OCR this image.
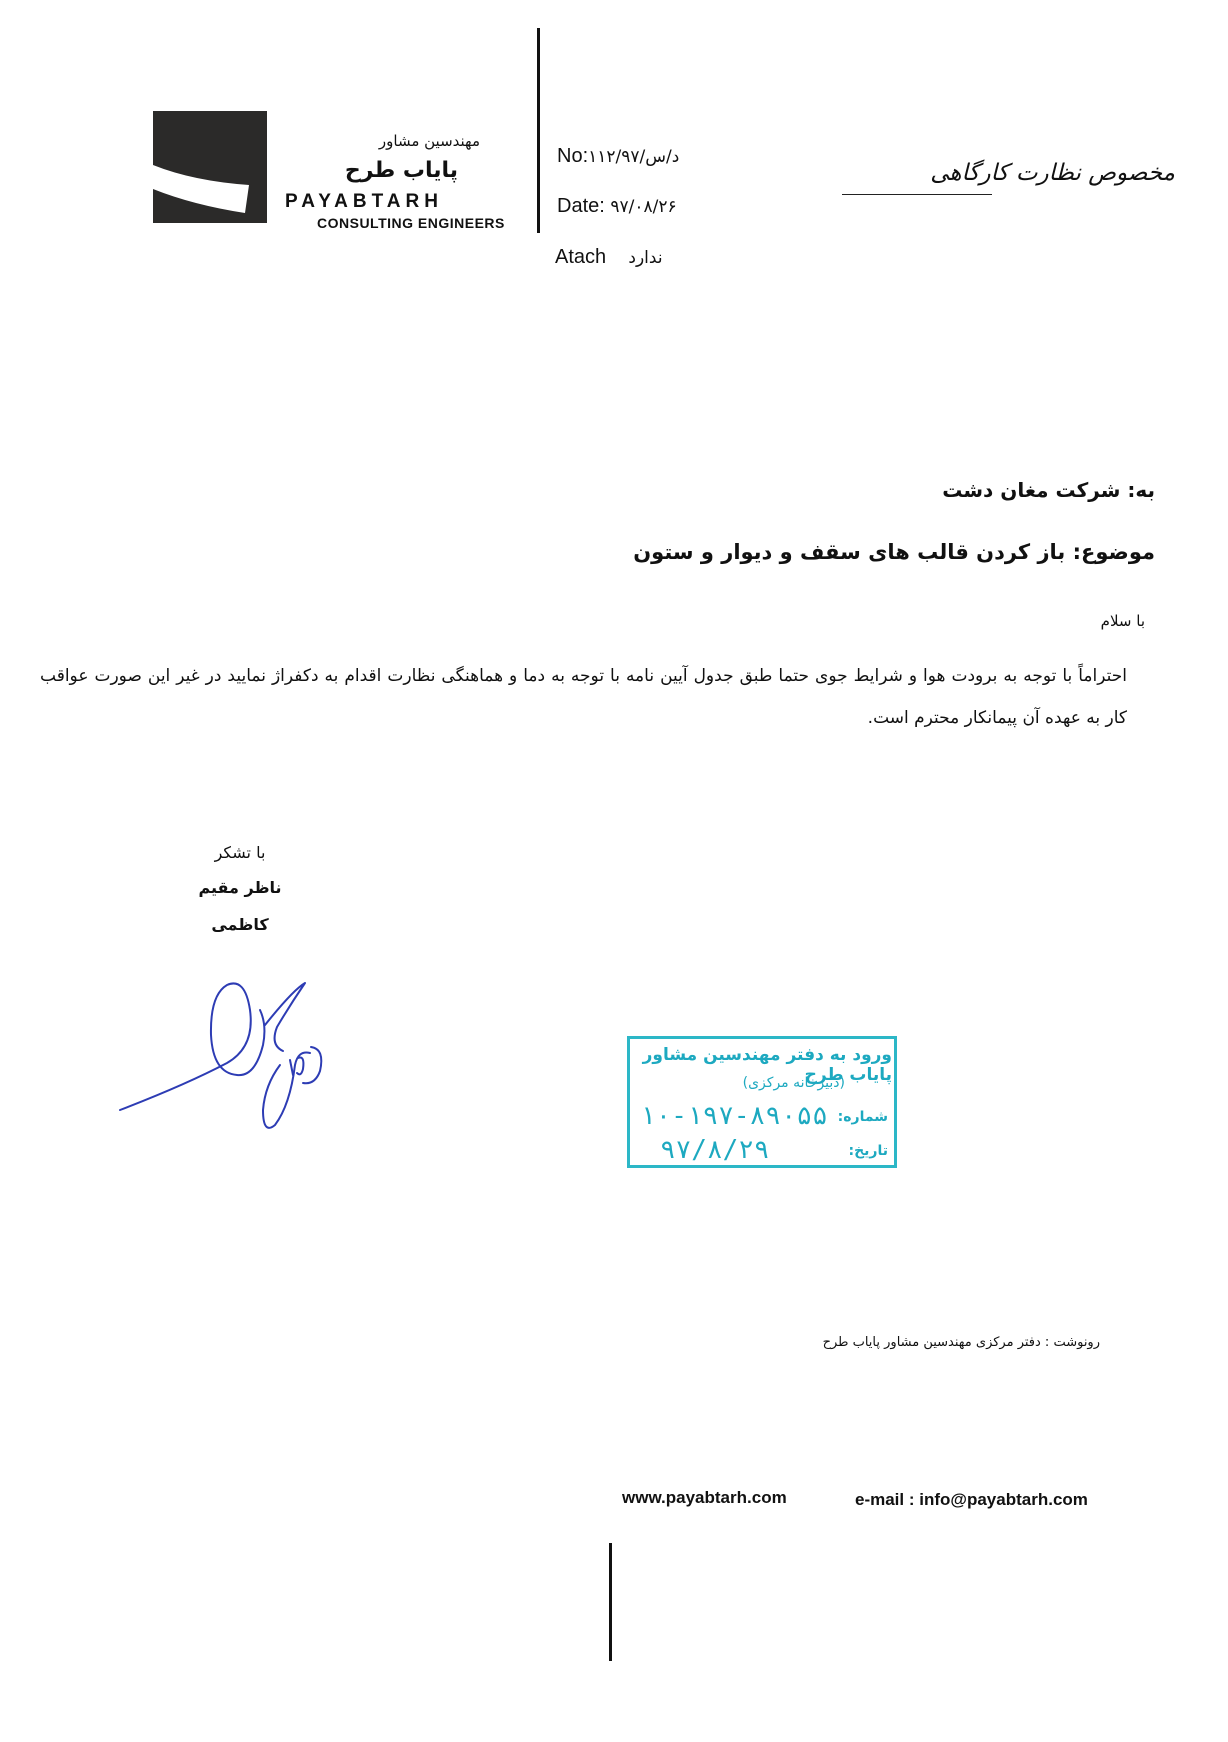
مهندسین مشاور
پایاب طرح
PAYABTARH
CONSULTING ENGINEERS
No:۱۱۲/د/س/۹۷
Date: ۹۷/۰۸/۲۶
Atach ندارد
مخصوص نظارت کارگاهی
به: شرکت مغان دشت
موضوع: باز کردن قالب های سقف و دیوار و ستون
با سلام
احتراماً با توجه به برودت هوا و شرایط جوی حتما طبق جدول آیین نامه با توجه به دما و هماهنگی نظارت اقدام به دکفراژ نمایید در غیر این صورت عواقب کار به عهده آن پیمانکار محترم است.
با تشکر
ناظر مقیم
کاظمی
ورود به دفتر مهندسین مشاور پایاب طرح
(دبیرخانه مرکزی)
شماره:
۱۰-۱۹۷-۸۹۰۵۵
تاریخ:
۹۷/۸/۲۹
رونوشت : دفتر مرکزی مهندسین مشاور پایاب طرح
www.payabtarh.com	e-mail : info@payabtarh.com
